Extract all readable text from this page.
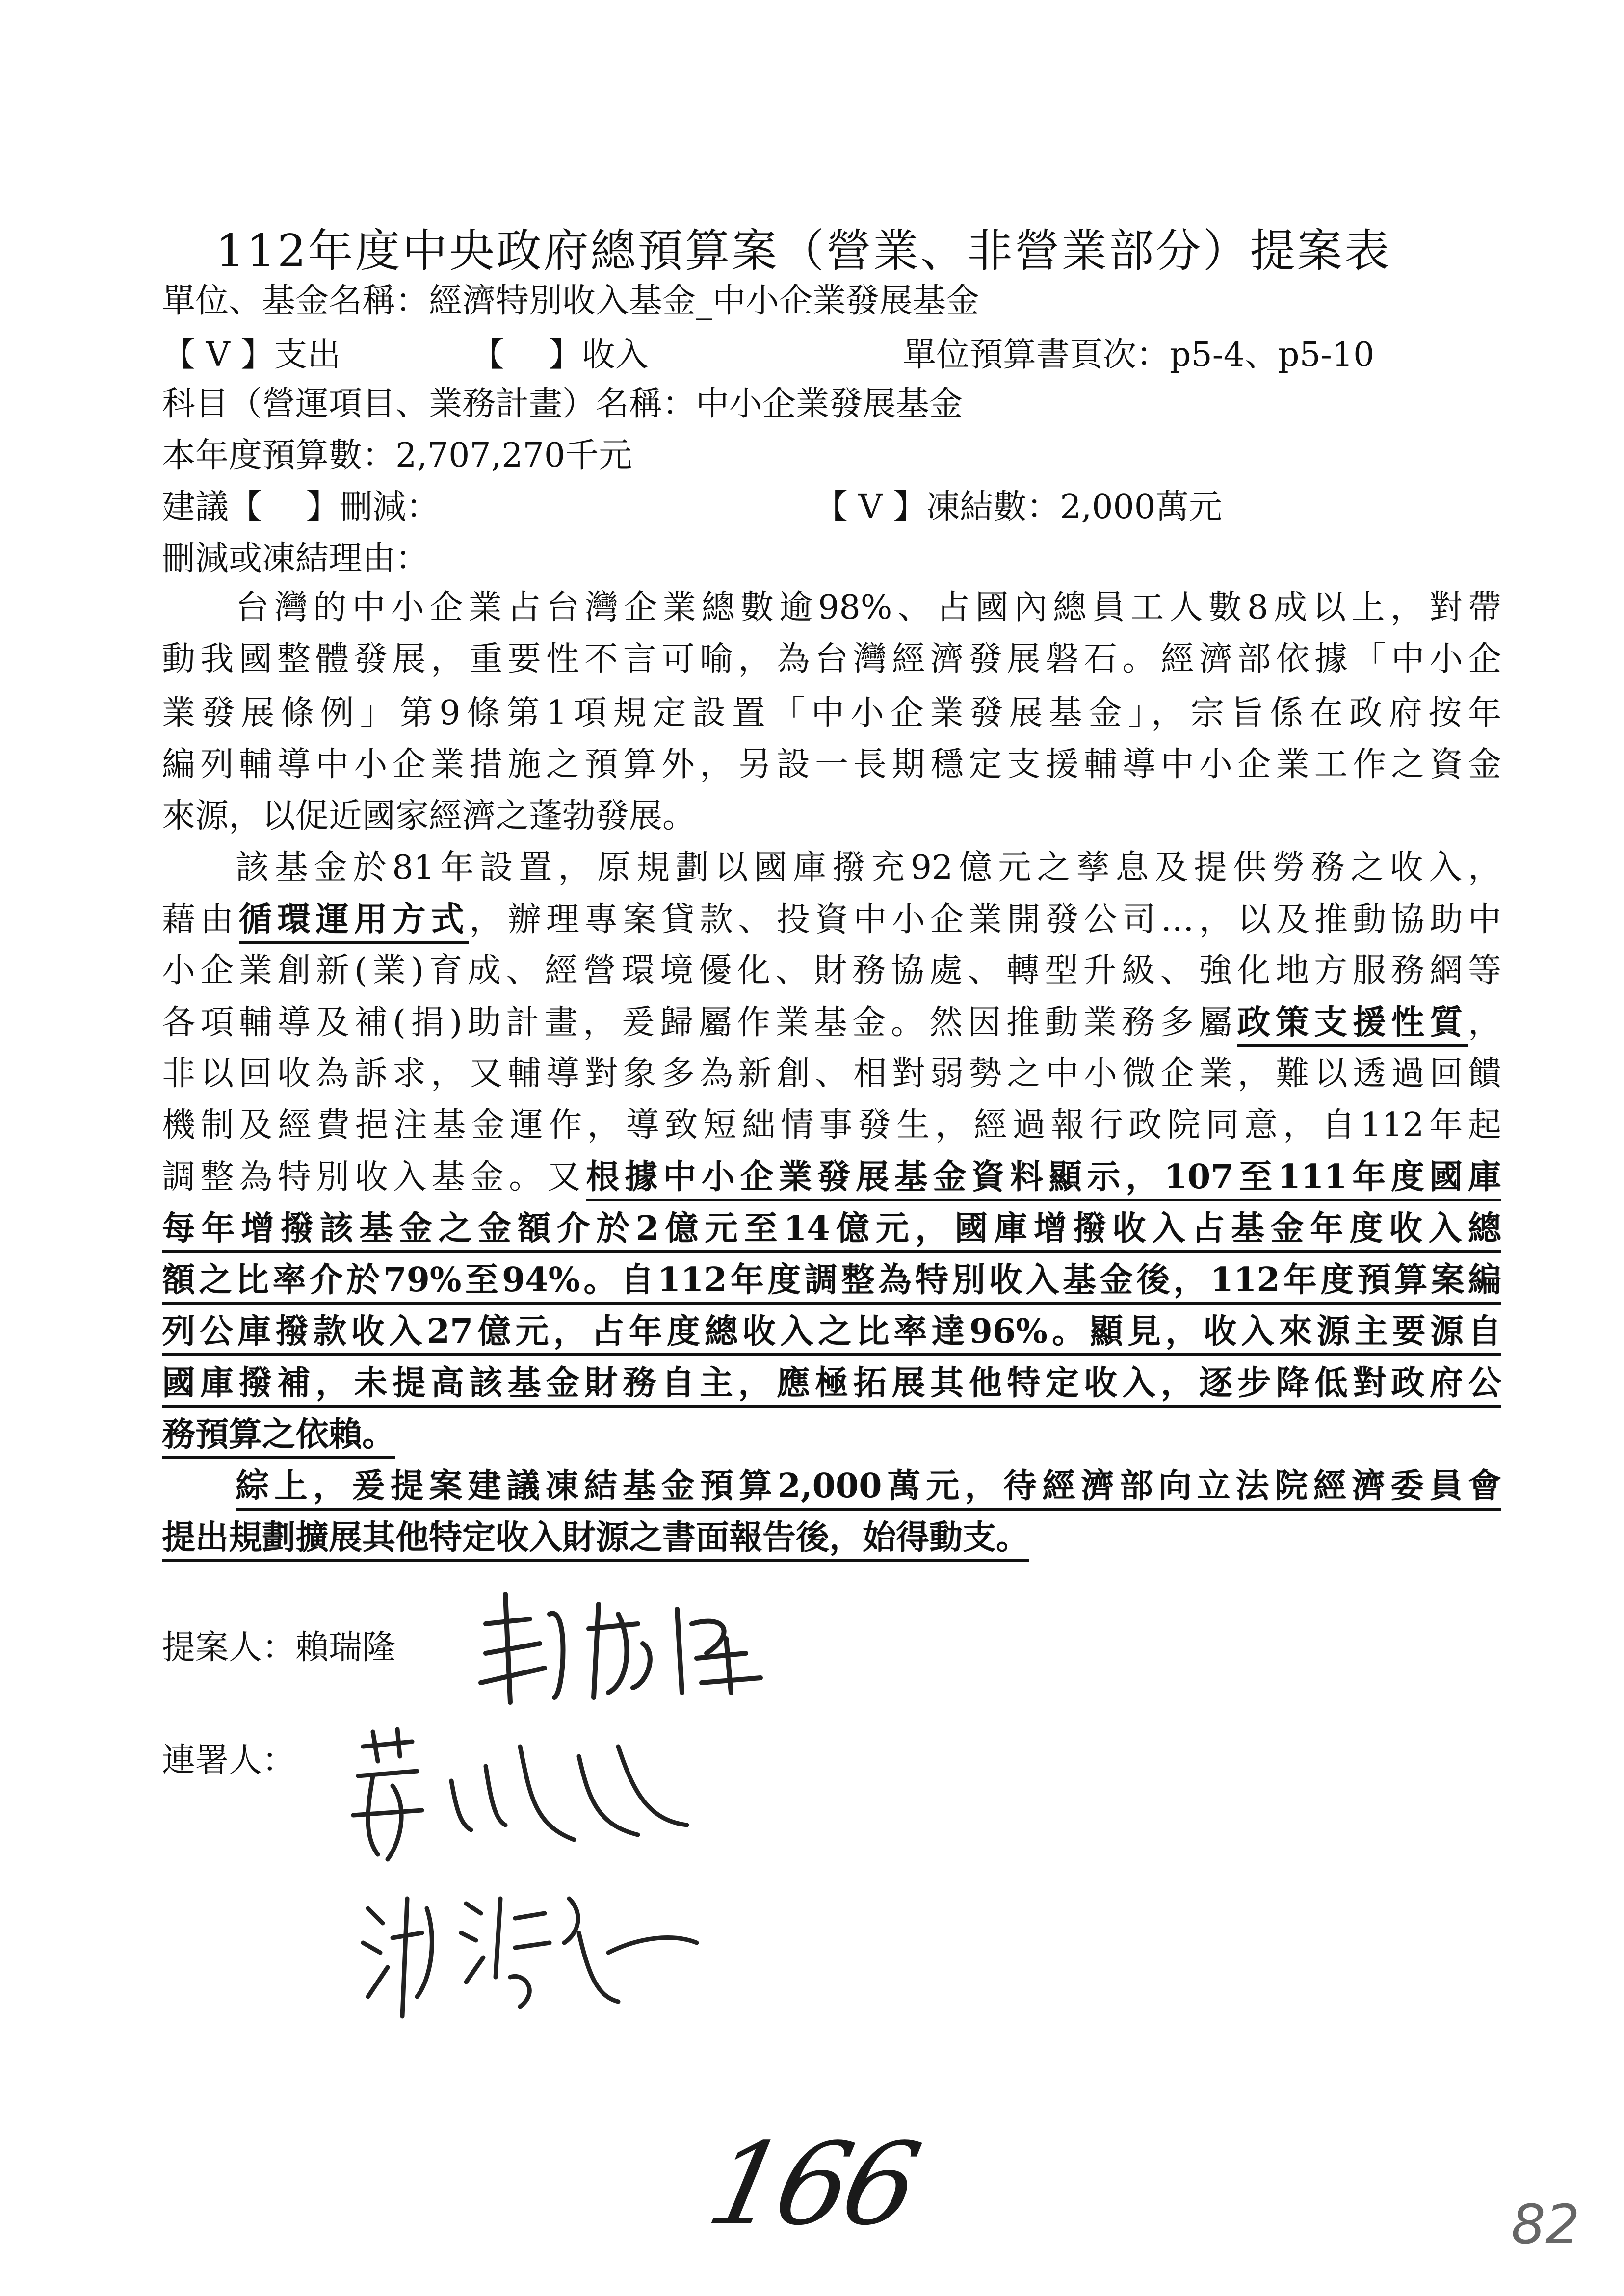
112年度中央政府總預算案（營業、非營業部分）提案表
單位、基金名稱：經濟特別收入基金_中小企業發展基金
【 V 】支出	【　 】收入	單位預算書頁次：p5-4、p5-10
科目（營運項目、業務計畫）名稱：中小企業發展基金
本年度預算數：2,707,270千元
建議【　 】刪減：	【 V 】凍結數：2,000萬元
刪減或凍結理由：
台灣的中小企業占台灣企業總數逾98%、占國內總員工人數8成以上，對帶
動我國整體發展，重要性不言可喻，為台灣經濟發展磐石。經濟部依據「中小企
業發展條例」第9條第1項規定設置「中小企業發展基金」，宗旨係在政府按年
編列輔導中小企業措施之預算外，另設一長期穩定支援輔導中小企業工作之資金
來源，以促近國家經濟之蓬勃發展。
該基金於81年設置，原規劃以國庫撥充92億元之孳息及提供勞務之收入，
藉由循環運用方式，辦理專案貸款、投資中小企業開發公司…，以及推動協助中
小企業創新(業)育成、經營環境優化、財務協處、轉型升級、強化地方服務網等
各項輔導及補(捐)助計畫，爰歸屬作業基金。然因推動業務多屬政策支援性質，
非以回收為訴求，又輔導對象多為新創、相對弱勢之中小微企業，難以透過回饋
機制及經費挹注基金運作，導致短絀情事發生，經過報行政院同意，自112年起
調整為特別收入基金。又根據中小企業發展基金資料顯示，107至111年度國庫
每年增撥該基金之金額介於2億元至14億元，國庫增撥收入占基金年度收入總
額之比率介於79%至94%。自112年度調整為特別收入基金後，112年度預算案編
列公庫撥款收入27億元，占年度總收入之比率達96%。顯見，收入來源主要源自
國庫撥補，未提高該基金財務自主，應極拓展其他特定收入，逐步降低對政府公
務預算之依賴。
綜上，爰提案建議凍結基金預算2,000萬元，待經濟部向立法院經濟委員會
提出規劃擴展其他特定收入財源之書面報告後，始得動支。
提案人：賴瑞隆
連署人：
166	82
